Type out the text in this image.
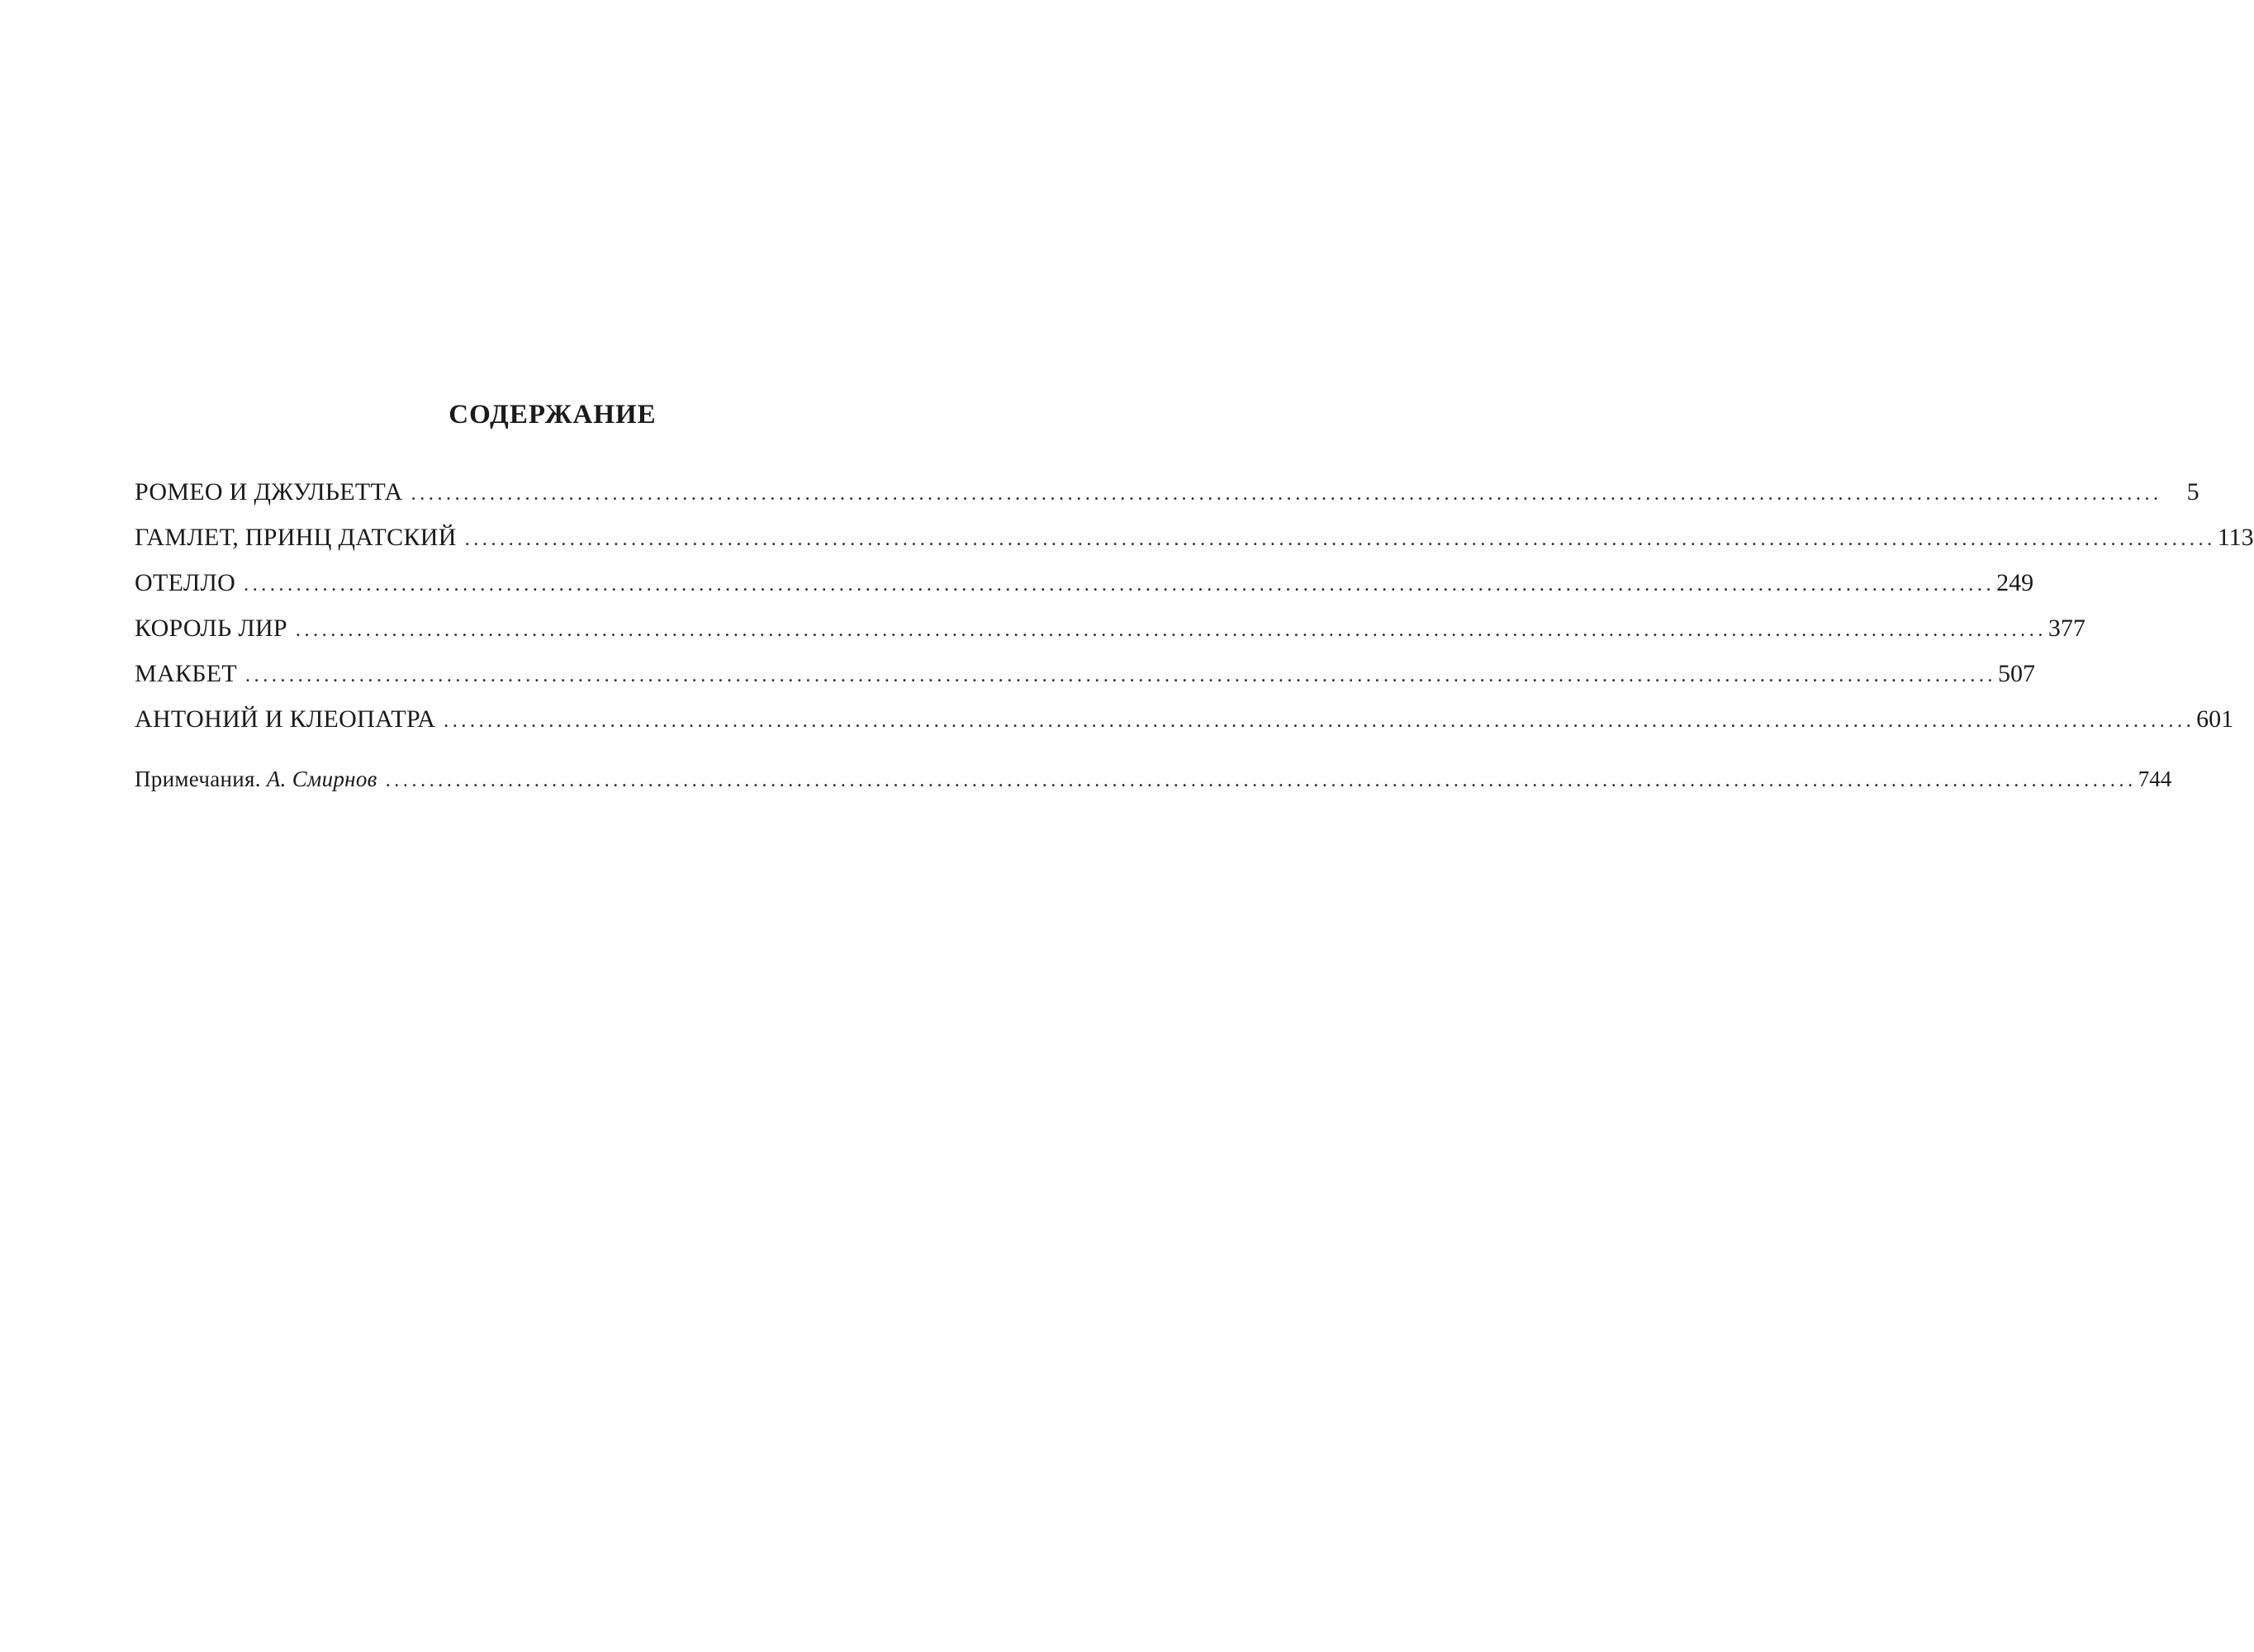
СОДЕРЖАНИЕ
РОМЕО И ДЖУЛЬЕТТА ........................................................................................................................................................................................................	5
ГАМЛЕТ, ПРИНЦ ДАТСКИЙ ........................................................................................................................................................................................................ 113
ОТЕЛЛО ........................................................................................................................................................................................................ 249
КОРОЛЬ ЛИР ........................................................................................................................................................................................................ 377
МАКБЕТ ........................................................................................................................................................................................................ 507
АНТОНИЙ И КЛЕОПАТРА ........................................................................................................................................................................................................ 601
Примечания. А. Смирнов ........................................................................................................................................................................................................ 744
